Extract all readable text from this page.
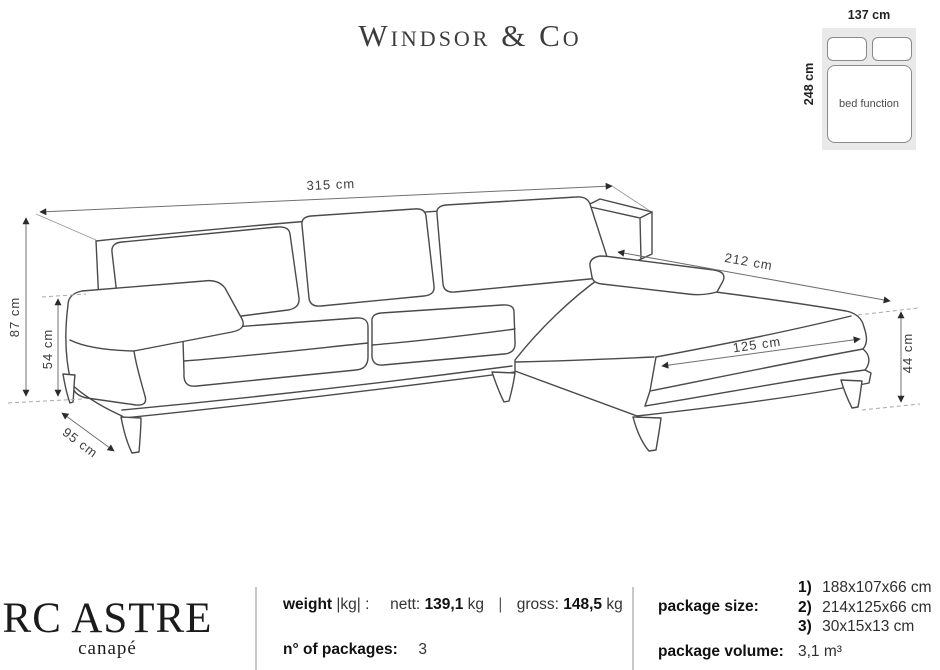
315 cm
87 cm
54 cm
95 cm
212 cm
125 cm	44 cm
Windsor & Co
137 cm
248 cm bed function
RC ASTRE
canapé
weight |kg| : nett: 139,1 kg | gross: 148,5 kg
n° of packages: 3
package size:
1) 188x107x66 cm
2) 214x125x66 cm
3) 30x15x13 cm
package volume: 3,1 m³
